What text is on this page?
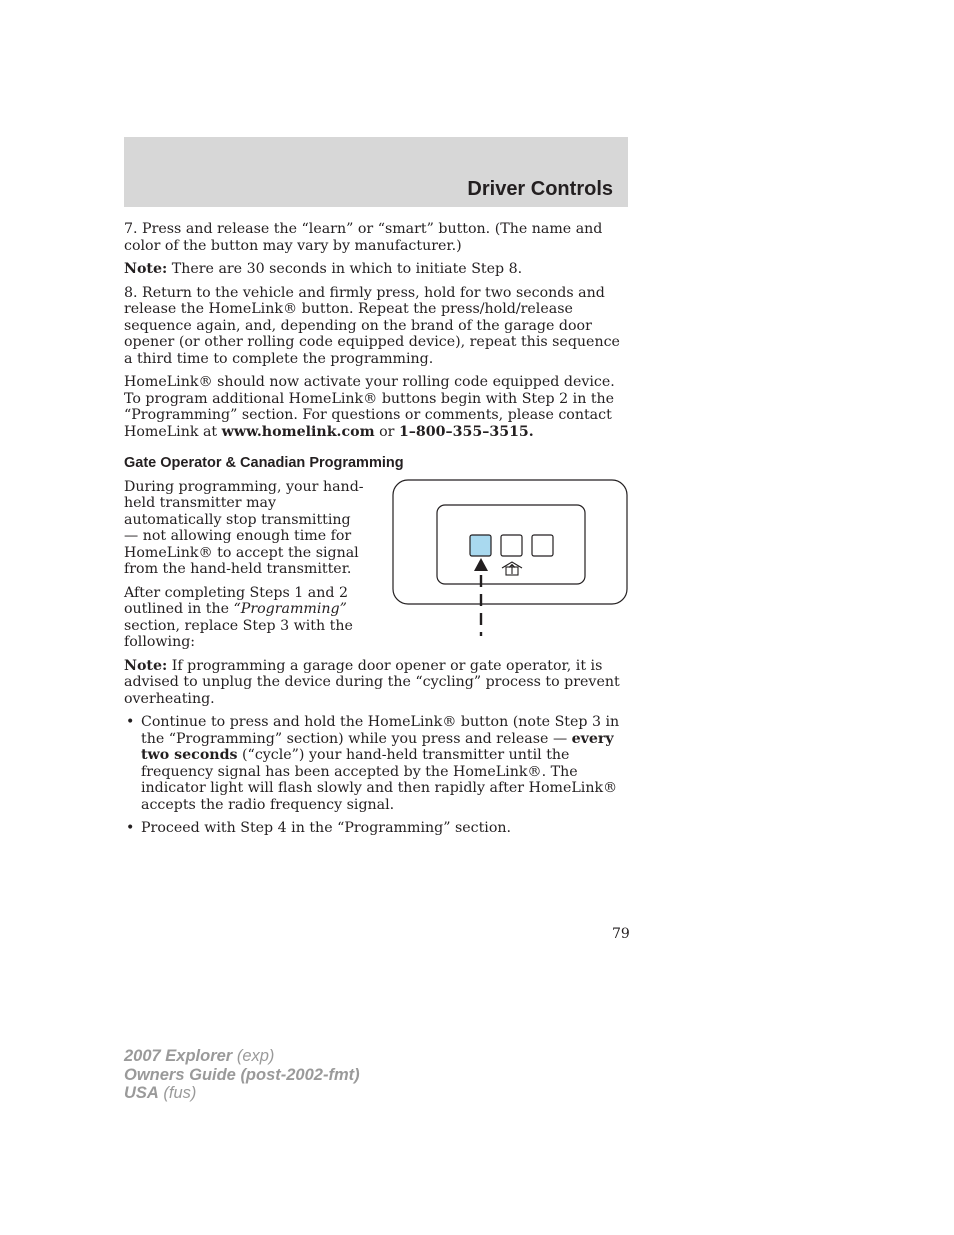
Driver Controls

7. Press and release the “learn” or “smart” button. (The name and color of the button may vary by manufacturer.)

Note: There are 30 seconds in which to initiate Step 8.

8. Return to the vehicle and firmly press, hold for two seconds and release the HomeLink® button. Repeat the press/hold/release sequence again, and, depending on the brand of the garage door opener (or other rolling code equipped device), repeat this sequence a third time to complete the programming.

HomeLink® should now activate your rolling code equipped device. To program additional HomeLink® buttons begin with Step 2 in the “Programming” section. For questions or comments, please contact HomeLink at www.homelink.com or 1–800–355–3515.

Gate Operator & Canadian Programming

During programming, your hand-held transmitter may automatically stop transmitting — not allowing enough time for HomeLink® to accept the signal from the hand-held transmitter.

After completing Steps 1 and 2 outlined in the “Programming” section, replace Step 3 with the following:

Note: If programming a garage door opener or gate operator, it is advised to unplug the device during the “cycling” process to prevent overheating.

• Continue to press and hold the HomeLink® button (note Step 3 in the “Programming” section) while you press and release — every two seconds (“cycle”) your hand-held transmitter until the frequency signal has been accepted by the HomeLink®. The indicator light will flash slowly and then rapidly after HomeLink® accepts the radio frequency signal.
• Proceed with Step 4 in the “Programming” section.
79
2007 Explorer (exp)
Owners Guide (post-2002-fmt)
USA (fus)
